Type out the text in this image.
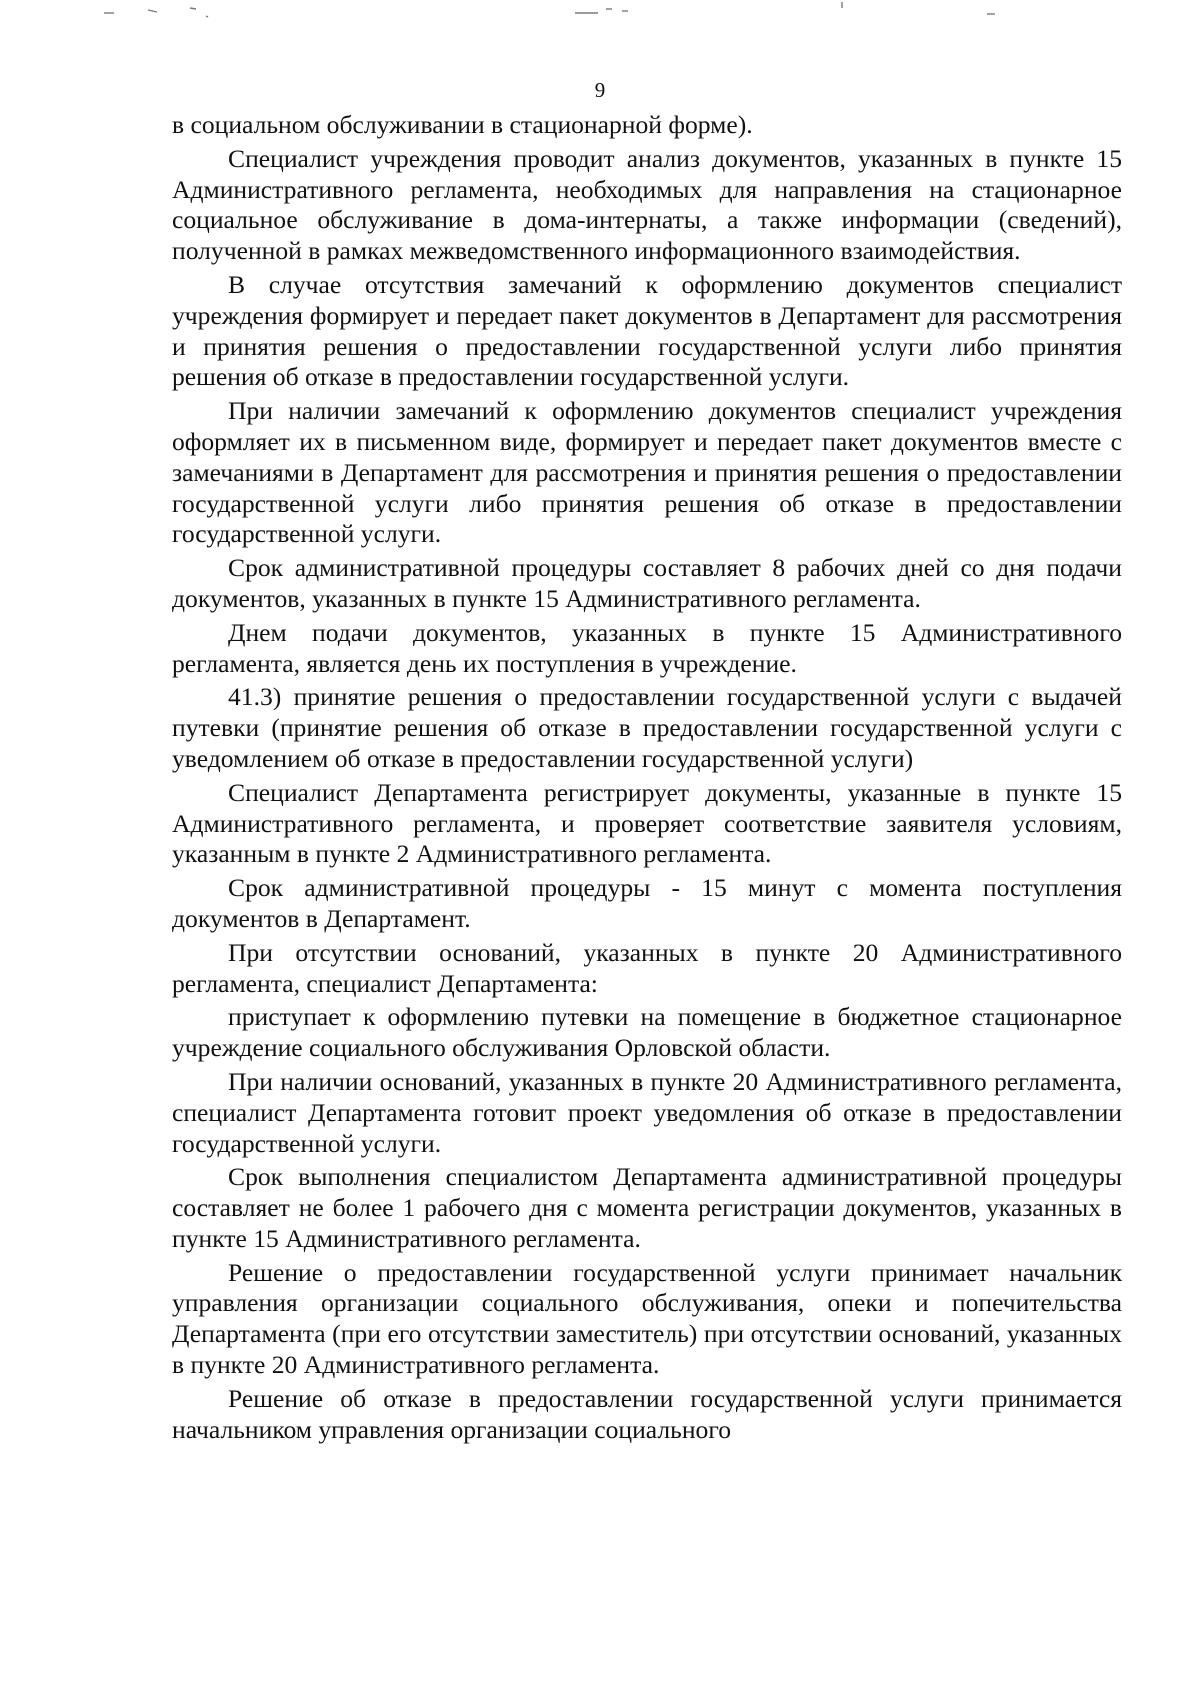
9

в социальном обслуживании в стационарной форме).

Специалист учреждения проводит анализ документов, указанных в пункте 15 Административного регламента, необходимых для направления на стационарное социальное обслуживание в дома-интернаты, а также информации (сведений), полученной в рамках межведомственного информационного взаимодействия.

В случае отсутствия замечаний к оформлению документов специалист учреждения формирует и передает пакет документов в Департамент для рассмотрения и принятия решения о предоставлении государственной услуги либо принятия решения об отказе в предоставлении государственной услуги.

При наличии замечаний к оформлению документов специалист учреждения оформляет их в письменном виде, формирует и передает пакет документов вместе с замечаниями в Департамент для рассмотрения и принятия решения о предоставлении государственной услуги либо принятия решения об отказе в предоставлении государственной услуги.

Срок административной процедуры составляет 8 рабочих дней со дня подачи документов, указанных в пункте 15 Административного регламента.

Днем подачи документов, указанных в пункте 15 Административного регламента, является день их поступления в учреждение.

41.3) принятие решения о предоставлении государственной услуги с выдачей путевки (принятие решения об отказе в предоставлении государственной услуги с уведомлением об отказе в предоставлении государственной услуги)

Специалист Департамента регистрирует документы, указанные в пункте 15 Административного регламента, и проверяет соответствие заявителя условиям, указанным в пункте 2 Административного регламента.

Срок административной процедуры - 15 минут с момента поступления документов в Департамент.

При отсутствии оснований, указанных в пункте 20 Административного регламента, специалист Департамента:

приступает к оформлению путевки на помещение в бюджетное стационарное учреждение социального обслуживания Орловской области.

При наличии оснований, указанных в пункте 20 Административного регламента, специалист Департамента готовит проект уведомления об отказе в предоставлении государственной услуги.

Срок выполнения специалистом Департамента административной процедуры составляет не более 1 рабочего дня с момента регистрации документов, указанных в пункте 15 Административного регламента.

Решение о предоставлении государственной услуги принимает начальник управления организации социального обслуживания, опеки и попечительства Департамента (при его отсутствии заместитель) при отсутствии оснований, указанных в пункте 20 Административного регламента.

Решение об отказе в предоставлении государственной услуги принимается начальником управления организации социального
